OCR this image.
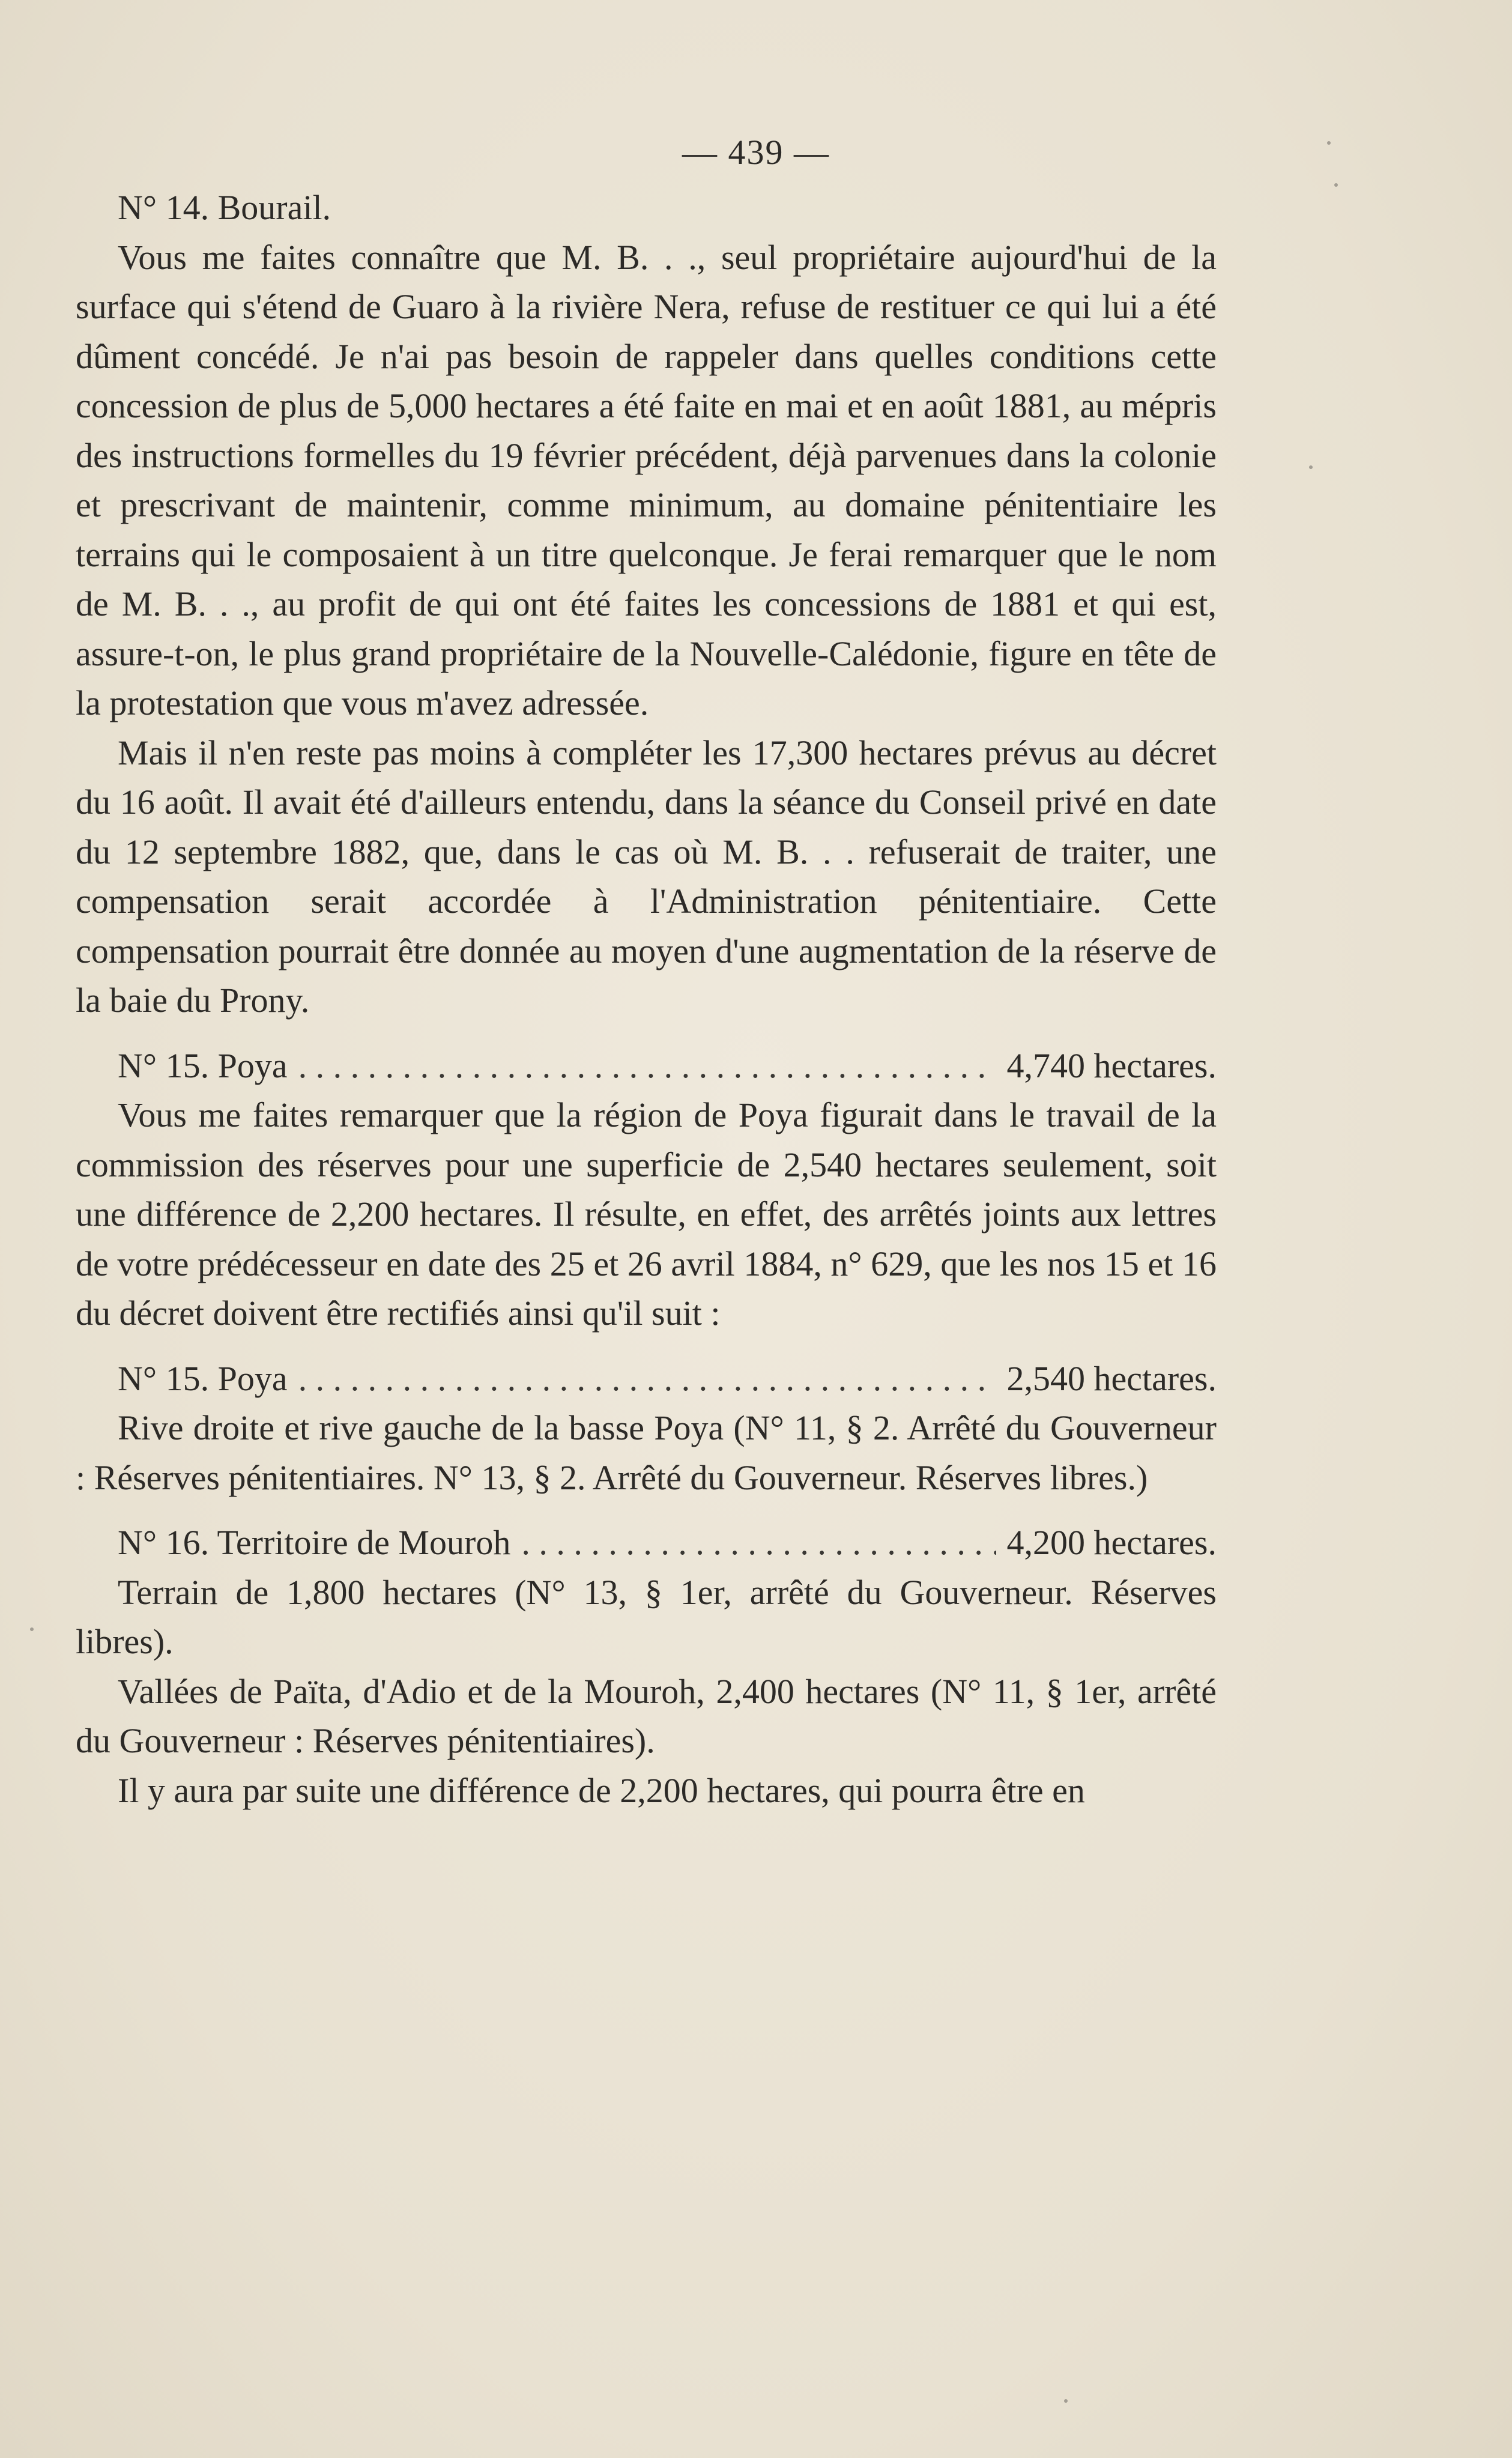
— 439 —

N° 14. Bourail.

Vous me faites connaître que M. B. . ., seul propriétaire aujourd'hui de la surface qui s'étend de Guaro à la rivière Nera, refuse de restituer ce qui lui a été dûment concédé. Je n'ai pas besoin de rappeler dans quelles conditions cette concession de plus de 5,000 hectares a été faite en mai et en août 1881, au mépris des instructions formelles du 19 février précédent, déjà parvenues dans la colonie et prescrivant de maintenir, comme minimum, au domaine pénitentiaire les terrains qui le composaient à un titre quelconque. Je ferai remarquer que le nom de M. B. . ., au profit de qui ont été faites les concessions de 1881 et qui est, assure-t-on, le plus grand propriétaire de la Nouvelle-Calédonie, figure en tête de la protestation que vous m'avez adressée.

Mais il n'en reste pas moins à compléter les 17,300 hectares prévus au décret du 16 août. Il avait été d'ailleurs entendu, dans la séance du Conseil privé en date du 12 septembre 1882, que, dans le cas où M. B. . . refuserait de traiter, une compensation serait accordée à l'Administration pénitentiaire. Cette compensation pourrait être donnée au moyen d'une augmentation de la réserve de la baie du Prony.

N° 15. Poya . . .	4,740 hectares.

Vous me faites remarquer que la région de Poya figurait dans le travail de la commission des réserves pour une superficie de 2,540 hectares seulement, soit une différence de 2,200 hectares. Il résulte, en effet, des arrêtés joints aux lettres de votre prédécesseur en date des 25 et 26 avril 1884, n° 629, que les nos 15 et 16 du décret doivent être rectifiés ainsi qu'il suit :

N° 15. Poya . . .	2,540 hectares.

Rive droite et rive gauche de la basse Poya (N° 11, § 2. Arrêté du Gouverneur : Réserves pénitentiaires. N° 13, § 2. Arrêté du Gouverneur. Réserves libres.)

N° 16. Territoire de Mouroh . . .	4,200 hectares.

Terrain de 1,800 hectares (N° 13, § 1er, arrêté du Gouverneur. Réserves libres).

Vallées de Païta, d'Adio et de la Mouroh, 2,400 hectares (N° 11, § 1er, arrêté du Gouverneur : Réserves pénitentiaires).

Il y aura par suite une différence de 2,200 hectares, qui pourra être en
